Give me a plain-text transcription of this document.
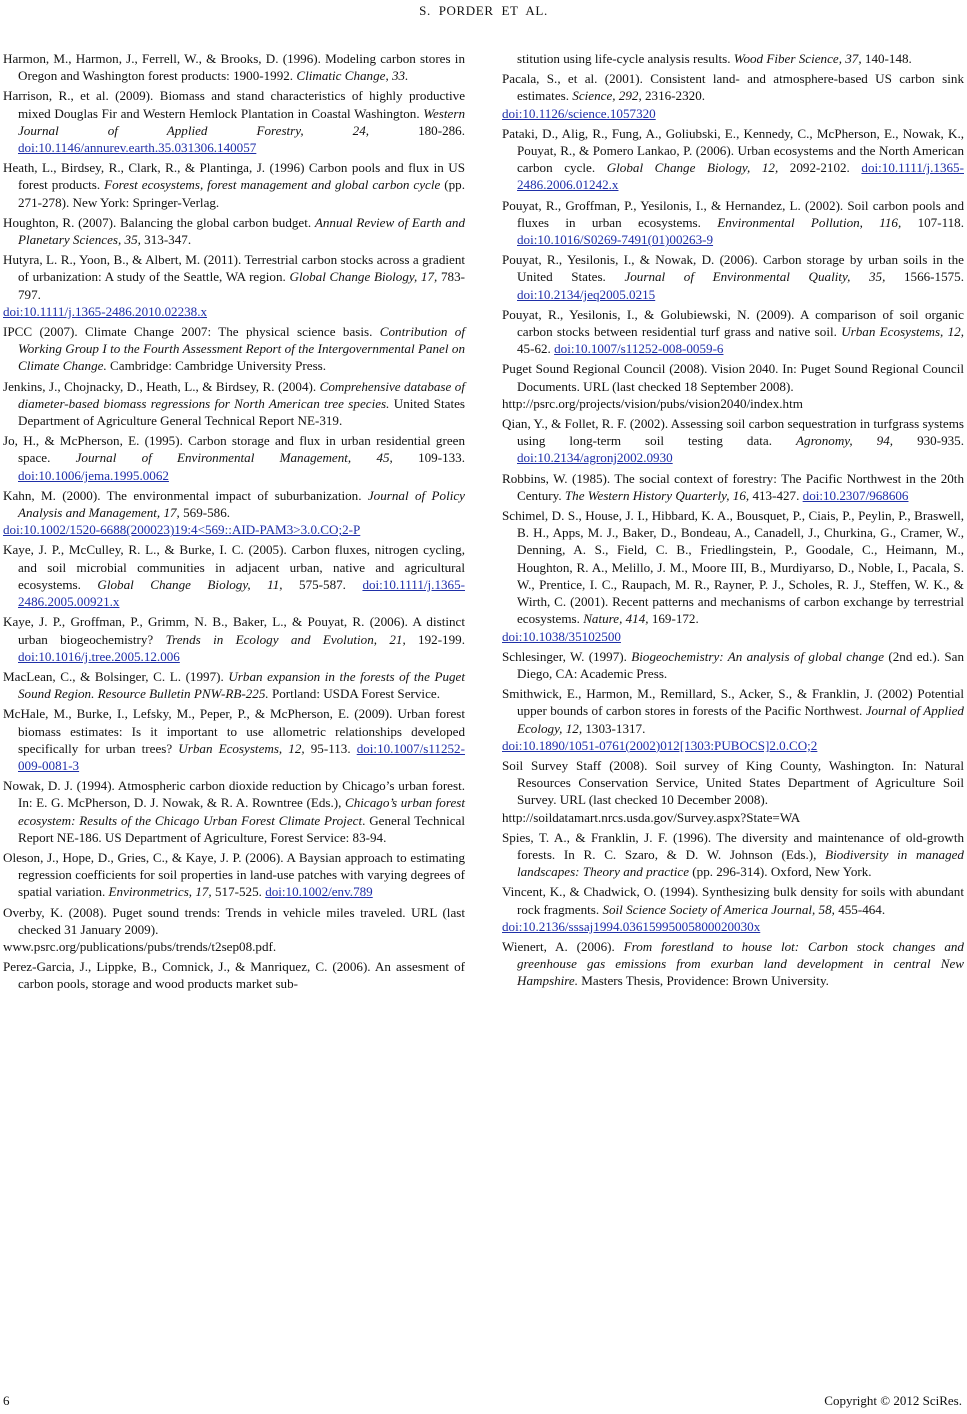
S. PORDER ET AL.

Harmon, M., Harmon, J., Ferrell, W., & Brooks, D. (1996). Modeling carbon stores in Oregon and Washington forest products: 1900-1992. Climatic Change, 33.

Harrison, R., et al. (2009). Biomass and stand characteristics of highly productive mixed Douglas Fir and Western Hemlock Plantation in Coastal Washington. Western Journal of Applied Forestry, 24, 180-286. doi:10.1146/annurev.earth.35.031306.140057

Heath, L., Birdsey, R., Clark, R., & Plantinga, J. (1996) Carbon pools and flux in US forest products. Forest ecosystems, forest management and global carbon cycle (pp. 271-278). New York: Springer-Verlag.

Houghton, R. (2007). Balancing the global carbon budget. Annual Review of Earth and Planetary Sciences, 35, 313-347.

Hutyra, L. R., Yoon, B., & Albert, M. (2011). Terrestrial carbon stocks across a gradient of urbanization: A study of the Seattle, WA region. Global Change Biology, 17, 783-797.
doi:10.1111/j.1365-2486.2010.02238.x

IPCC (2007). Climate Change 2007: The physical science basis. Contribution of Working Group I to the Fourth Assessment Report of the Intergovernmental Panel on Climate Change. Cambridge: Cambridge University Press.

Jenkins, J., Chojnacky, D., Heath, L., & Birdsey, R. (2004). Comprehensive database of diameter-based biomass regressions for North American tree species. United States Department of Agriculture General Technical Report NE-319.

Jo, H., & McPherson, E. (1995). Carbon storage and flux in urban residential green space. Journal of Environmental Management, 45, 109-133. doi:10.1006/jema.1995.0062

Kahn, M. (2000). The environmental impact of suburbanization. Journal of Policy Analysis and Management, 17, 569-586.
doi:10.1002/1520-6688(200023)19:4<569::AID-PAM3>3.0.CO;2-P

Kaye, J. P., McCulley, R. L., & Burke, I. C. (2005). Carbon fluxes, nitrogen cycling, and soil microbial communities in adjacent urban, native and agricultural ecosystems. Global Change Biology, 11, 575-587. doi:10.1111/j.1365-2486.2005.00921.x

Kaye, J. P., Groffman, P., Grimm, N. B., Baker, L., & Pouyat, R. (2006). A distinct urban biogeochemistry? Trends in Ecology and Evolution, 21, 192-199. doi:10.1016/j.tree.2005.12.006

MacLean, C., & Bolsinger, C. L. (1997). Urban expansion in the forests of the Puget Sound Region. Resource Bulletin PNW-RB-225. Portland: USDA Forest Service.

McHale, M., Burke, I., Lefsky, M., Peper, P., & McPherson, E. (2009). Urban forest biomass estimates: Is it important to use allometric relationships developed specifically for urban trees? Urban Ecosystems, 12, 95-113. doi:10.1007/s11252-009-0081-3

Nowak, D. J. (1994). Atmospheric carbon dioxide reduction by Chicago’s urban forest. In: E. G. McPherson, D. J. Nowak, & R. A. Rowntree (Eds.), Chicago’s urban forest ecosystem: Results of the Chicago Urban Forest Climate Project. General Technical Report NE-186. US Department of Agriculture, Forest Service: 83-94.

Oleson, J., Hope, D., Gries, C., & Kaye, J. P. (2006). A Baysian approach to estimating regression coefficients for soil properties in land-use patches with varying degrees of spatial variation. Environmetrics, 17, 517-525. doi:10.1002/env.789

Overby, K. (2008). Puget sound trends: Trends in vehicle miles traveled. URL (last checked 31 January 2009).
www.psrc.org/publications/pubs/trends/t2sep08.pdf.

Perez-Garcia, J., Lippke, B., Comnick, J., & Manriquez, C. (2006). An assesment of carbon pools, storage and wood products market sub-

stitution using life-cycle analysis results. Wood Fiber Science, 37, 140-148.

Pacala, S., et al. (2001). Consistent land- and atmosphere-based US carbon sink estimates. Science, 292, 2316-2320.
doi:10.1126/science.1057320

Pataki, D., Alig, R., Fung, A., Goliubski, E., Kennedy, C., McPherson, E., Nowak, K., Pouyat, R., & Pomero Lankao, P. (2006). Urban ecosystems and the North American carbon cycle. Global Change Biology, 12, 2092-2102. doi:10.1111/j.1365-2486.2006.01242.x

Pouyat, R., Groffman, P., Yesilonis, I., & Hernandez, L. (2002). Soil carbon pools and fluxes in urban ecosystems. Environmental Pollution, 116, 107-118. doi:10.1016/S0269-7491(01)00263-9

Pouyat, R., Yesilonis, I., & Nowak, D. (2006). Carbon storage by urban soils in the United States. Journal of Environmental Quality, 35, 1566-1575. doi:10.2134/jeq2005.0215

Pouyat, R., Yesilonis, I., & Golubiewski, N. (2009). A comparison of soil organic carbon stocks between residential turf grass and native soil. Urban Ecosystems, 12, 45-62. doi:10.1007/s11252-008-0059-6

Puget Sound Regional Council (2008). Vision 2040. In: Puget Sound Regional Council Documents. URL (last checked 18 September 2008).
http://psrc.org/projects/vision/pubs/vision2040/index.htm

Qian, Y., & Follet, R. F. (2002). Assessing soil carbon sequestration in turfgrass systems using long-term soil testing data. Agronomy, 94, 930-935. doi:10.2134/agronj2002.0930

Robbins, W. (1985). The social context of forestry: The Pacific Northwest in the 20th Century. The Western History Quarterly, 16, 413-427. doi:10.2307/968606

Schimel, D. S., House, J. I., Hibbard, K. A., Bousquet, P., Ciais, P., Peylin, P., Braswell, B. H., Apps, M. J., Baker, D., Bondeau, A., Canadell, J., Churkina, G., Cramer, W., Denning, A. S., Field, C. B., Friedlingstein, P., Goodale, C., Heimann, M., Houghton, R. A., Melillo, J. M., Moore III, B., Murdiyarso, D., Noble, I., Pacala, S. W., Prentice, I. C., Raupach, M. R., Rayner, P. J., Scholes, R. J., Steffen, W. K., & Wirth, C. (2001). Recent patterns and mechanisms of carbon exchange by terrestrial ecosystems. Nature, 414, 169-172.
doi:10.1038/35102500

Schlesinger, W. (1997). Biogeochemistry: An analysis of global change (2nd ed.). San Diego, CA: Academic Press.

Smithwick, E., Harmon, M., Remillard, S., Acker, S., & Franklin, J. (2002) Potential upper bounds of carbon stores in forests of the Pacific Northwest. Journal of Applied Ecology, 12, 1303-1317.
doi:10.1890/1051-0761(2002)012[1303:PUBOCS]2.0.CO;2

Soil Survey Staff (2008). Soil survey of King County, Washington. In: Natural Resources Conservation Service, United States Department of Agriculture Soil Survey. URL (last checked 10 December 2008).
http://soildatamart.nrcs.usda.gov/Survey.aspx?State=WA

Spies, T. A., & Franklin, J. F. (1996). The diversity and maintenance of old-growth forests. In R. C. Szaro, & D. W. Johnson (Eds.), Biodiversity in managed landscapes: Theory and practice (pp. 296-314). Oxford, New York.

Vincent, K., & Chadwick, O. (1994). Synthesizing bulk density for soils with abundant rock fragments. Soil Science Society of America Journal, 58, 455-464.
doi:10.2136/sssaj1994.03615995005800020030x

Wienert, A. (2006). From forestland to house lot: Carbon stock changes and greenhouse gas emissions from exurban land development in central New Hampshire. Masters Thesis, Providence: Brown University.

6	Copyright © 2012 SciRes.
